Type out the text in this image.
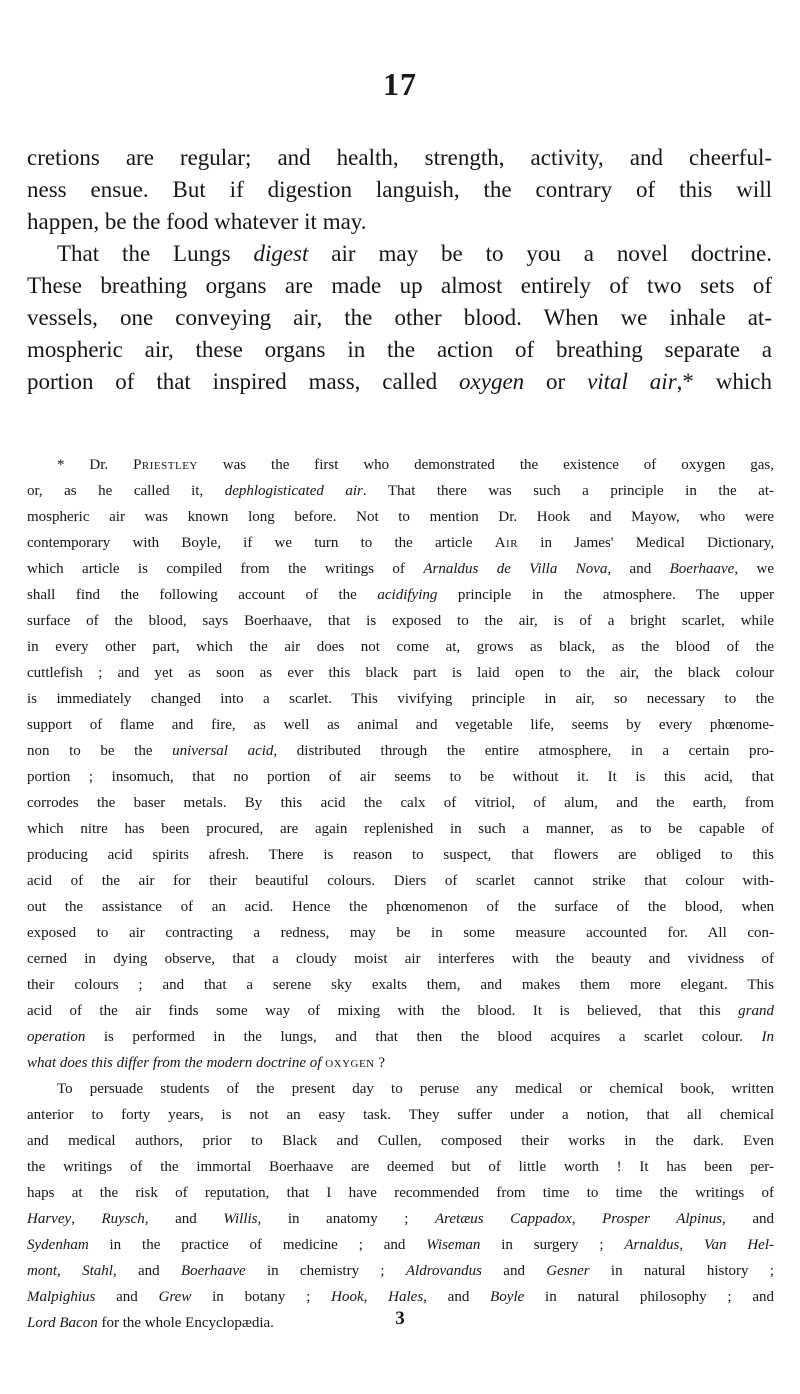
17
cretions are regular; and health, strength, activity, and cheerful-
ness ensue. But if digestion languish, the contrary of this will
happen, be the food whatever it may.
That the Lungs digest air may be to you a novel doctrine.
These breathing organs are made up almost entirely of two sets of
vessels, one conveying air, the other blood. When we inhale at-
mospheric air, these organs in the action of breathing separate a
portion of that inspired mass, called oxygen or vital air,* which
* Dr. Priestley was the first who demonstrated the existence of oxygen gas,
or, as he called it, dephlogisticated air. That there was such a principle in the at-
mospheric air was known long before. Not to mention Dr. Hook and Mayow, who were
contemporary with Boyle, if we turn to the article Air in James' Medical Dictionary,
which article is compiled from the writings of Arnaldus de Villa Nova, and Boerhaave, we
shall find the following account of the acidifying principle in the atmosphere. The upper
surface of the blood, says Boerhaave, that is exposed to the air, is of a bright scarlet, while
in every other part, which the air does not come at, grows as black, as the blood of the
cuttlefish ; and yet as soon as ever this black part is laid open to the air, the black colour
is immediately changed into a scarlet. This vivifying principle in air, so necessary to the
support of flame and fire, as well as animal and vegetable life, seems by every phœnome-
non to be the universal acid, distributed through the entire atmosphere, in a certain pro-
portion ; insomuch, that no portion of air seems to be without it. It is this acid, that
corrodes the baser metals. By this acid the calx of vitriol, of alum, and the earth, from
which nitre has been procured, are again replenished in such a manner, as to be capable of
producing acid spirits afresh. There is reason to suspect, that flowers are obliged to this
acid of the air for their beautiful colours. Diers of scarlet cannot strike that colour with-
out the assistance of an acid. Hence the phœnomenon of the surface of the blood, when
exposed to air contracting a redness, may be in some measure accounted for. All con-
cerned in dying observe, that a cloudy moist air interferes with the beauty and vividness of
their colours ; and that a serene sky exalts them, and makes them more elegant. This
acid of the air finds some way of mixing with the blood. It is believed, that this grand
operation is performed in the lungs, and that then the blood acquires a scarlet colour. In
what does this differ from the modern doctrine of oxygen ?
To persuade students of the present day to peruse any medical or chemical book, written
anterior to forty years, is not an easy task. They suffer under a notion, that all chemical
and medical authors, prior to Black and Cullen, composed their works in the dark. Even
the writings of the immortal Boerhaave are deemed but of little worth ! It has been per-
haps at the risk of reputation, that I have recommended from time to time the writings of
Harvey, Ruysch, and Willis, in anatomy ; Aretæus Cappadox, Prosper Alpinus, and
Sydenham in the practice of medicine ; and Wiseman in surgery ; Arnaldus, Van Hel-
mont, Stahl, and Boerhaave in chemistry ; Aldrovandus and Gesner in natural history ;
Malpighius and Grew in botany ; Hook, Hales, and Boyle in natural philosophy ; and
Lord Bacon for the whole Encyclopædia.	3
